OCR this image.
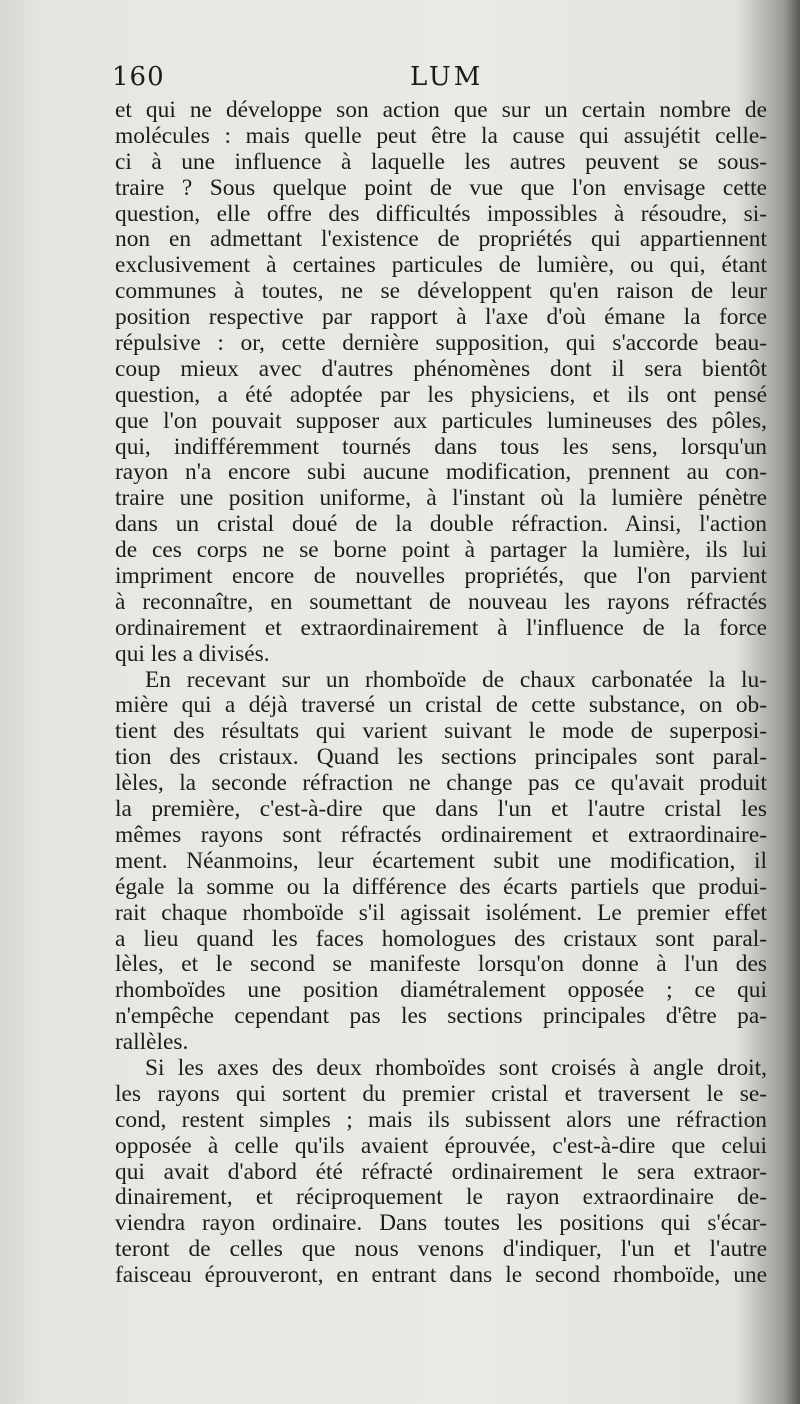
160	LUM
et qui ne développe son action que sur un certain nombre de
molécules : mais quelle peut être la cause qui assujétit celle-
ci à une influence à laquelle les autres peuvent se sous-
traire ? Sous quelque point de vue que l'on envisage cette
question, elle offre des difficultés impossibles à résoudre, si-
non en admettant l'existence de propriétés qui appartiennent
exclusivement à certaines particules de lumière, ou qui, étant
communes à toutes, ne se développent qu'en raison de leur
position respective par rapport à l'axe d'où émane la force
répulsive : or, cette dernière supposition, qui s'accorde beau-
coup mieux avec d'autres phénomènes dont il sera bientôt
question, a été adoptée par les physiciens, et ils ont pensé
que l'on pouvait supposer aux particules lumineuses des pôles,
qui, indifféremment tournés dans tous les sens, lorsqu'un
rayon n'a encore subi aucune modification, prennent au con-
traire une position uniforme, à l'instant où la lumière pénètre
dans un cristal doué de la double réfraction. Ainsi, l'action
de ces corps ne se borne point à partager la lumière, ils lui
impriment encore de nouvelles propriétés, que l'on parvient
à reconnaître, en soumettant de nouveau les rayons réfractés
ordinairement et extraordinairement à l'influence de la force
qui les a divisés.
En recevant sur un rhomboïde de chaux carbonatée la lu-
mière qui a déjà traversé un cristal de cette substance, on ob-
tient des résultats qui varient suivant le mode de superposi-
tion des cristaux. Quand les sections principales sont paral-
lèles, la seconde réfraction ne change pas ce qu'avait produit
la première, c'est-à-dire que dans l'un et l'autre cristal les
mêmes rayons sont réfractés ordinairement et extraordinaire-
ment. Néanmoins, leur écartement subit une modification, il
égale la somme ou la différence des écarts partiels que produi-
rait chaque rhomboïde s'il agissait isolément. Le premier effet
a lieu quand les faces homologues des cristaux sont paral-
lèles, et le second se manifeste lorsqu'on donne à l'un des
rhomboïdes une position diamétralement opposée ; ce qui
n'empêche cependant pas les sections principales d'être pa-
rallèles.
Si les axes des deux rhomboïdes sont croisés à angle droit,
les rayons qui sortent du premier cristal et traversent le se-
cond, restent simples ; mais ils subissent alors une réfraction
opposée à celle qu'ils avaient éprouvée, c'est-à-dire que celui
qui avait d'abord été réfracté ordinairement le sera extraor-
dinairement, et réciproquement le rayon extraordinaire de-
viendra rayon ordinaire. Dans toutes les positions qui s'écar-
teront de celles que nous venons d'indiquer, l'un et l'autre
faisceau éprouveront, en entrant dans le second rhomboïde, une
